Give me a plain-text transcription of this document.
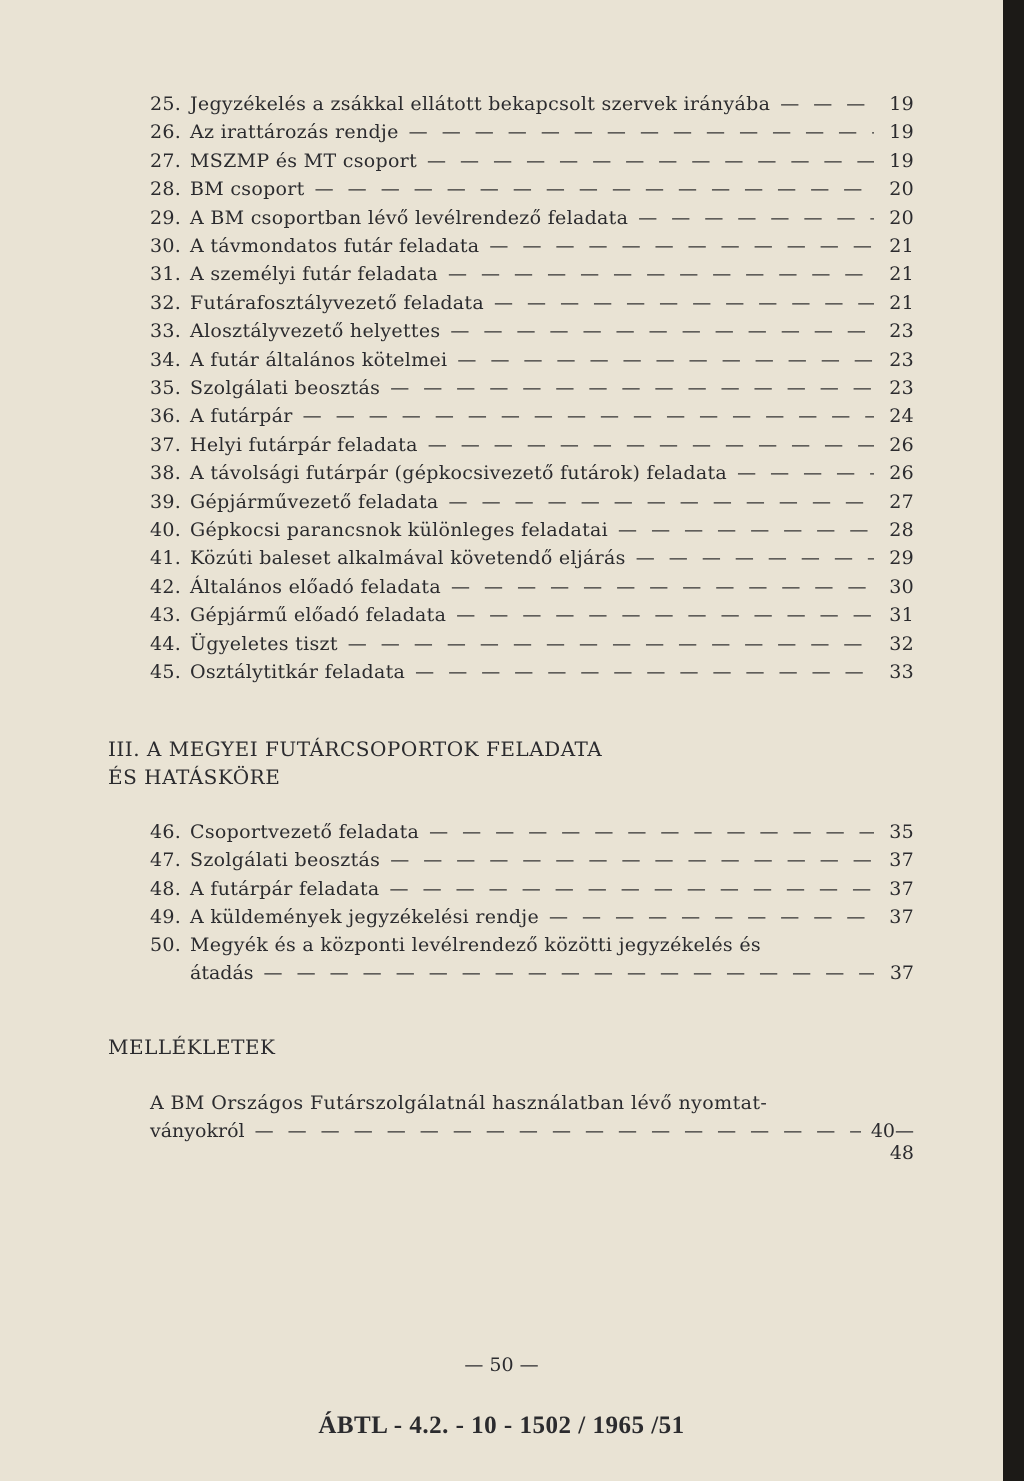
25. Jegyzékelés a zsákkal ellátott bekapcsolt szervek irányába — — —	19
26. Az irattározás rendje — — —	19
27. MSZMP és MT csoport — — —	19
28. BM csoport — — —	20
29. A BM csoportban lévő levélrendező feladata — — —	20
30. A távmondatos futár feladata — — —	21
31. A személyi futár feladata — — —	21
32. Futárafosztályvezető feladata — — —	21
33. Alosztályvezető helyettes — — —	23
34. A futár általános kötelmei — — —	23
35. Szolgálati beosztás — — —	23
36. A futárpár — — —	24
37. Helyi futárpár feladata — — —	26
38. A távolsági futárpár (gépkocsivezető futárok) feladata — — —	26
39. Gépjárművezető feladata — — —	27
40. Gépkocsi parancsnok különleges feladatai — — —	28
41. Közúti baleset alkalmával követendő eljárás — — —	29
42. Általános előadó feladata — — —	30
43. Gépjármű előadó feladata — — —	31
44. Ügyeletes tiszt — — —	32
45. Osztálytitkár feladata — — —	33
III. A MEGYEI FUTÁRCSOPORTOK FELADATA
ÉS HATÁSKÖRE
46. Csoportvezető feladata — — —	35
47. Szolgálati beosztás — — —	37
48. A futárpár feladata — — —	37
49. A küldemények jegyzékelési rendje — — —	37
50. Megyék és a központi levélrendező közötti jegyzékelés és
átadás — — —	37
MELLÉKLETEK
A BM Országos Futárszolgálatnál használatban lévő nyomtat-
ványokról — — —	40—48
— 50 —
ÁBTL - 4.2. - 10 - 1502 / 1965 /51
